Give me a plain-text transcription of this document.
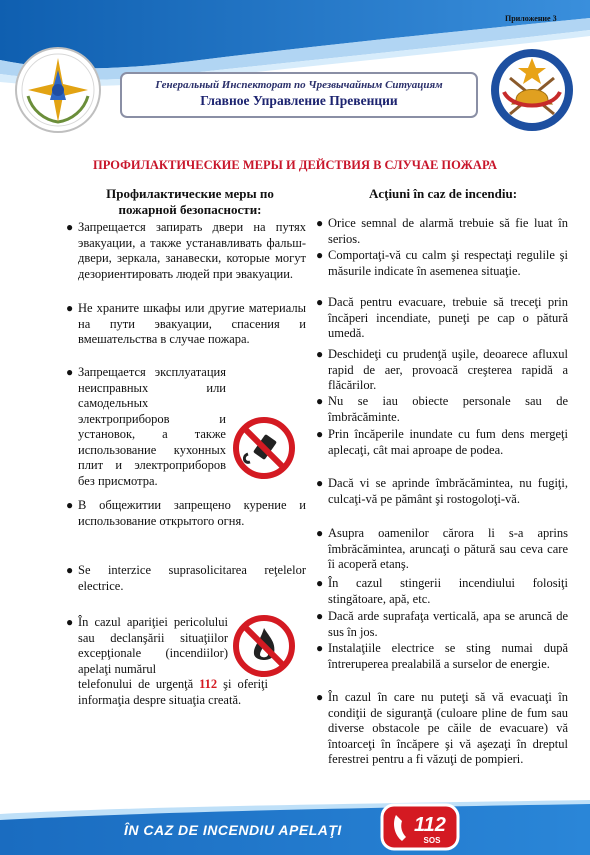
Приложение 3
Генеральный Инспекторат по Чрезвычайным Ситуациям
Главное Управление Превенции
ПРОФИЛАКТИЧЕСКИЕ МЕРЫ И ДЕЙСТВИЯ В СЛУЧАЕ ПОЖАРА
Профилактические меры по
пожарной безопасности:
● Запрещается запирать двери на путях эвакуации, а также устанавливать фальш-двери, зеркала, занавески, которые могут дезориентировать людей при эвакуации.
● Не храните шкафы или другие материалы на пути эвакуации, спасения и вмешательства в случае пожара.
● Запрещается эксплуатация неисправных или самодельных электроприборов и установок, а также использование кухонных плит и электроприборов без присмотра.
● В общежитии запрещено курение и использование открытого огня.
● Se interzice suprasolicitarea reţelelor electrice.
● În cazul apariţiei pericolului sau declanşării situaţiilor excepţionale (incendiilor) apelaţi numărul
telefonului de urgenţă 112 şi oferiţi informaţia despre situaţia creată.
Acţiuni în caz de incendiu:
● Orice semnal de alarmă trebuie să fie luat în serios.
● Comportaţi-vă cu calm şi respectaţi regulile şi măsurile indicate în asemenea situaţie.
● Dacă pentru evacuare, trebuie să treceţi prin încăperi incendiate, puneţi pe cap o pătură umedă.
● Deschideţi cu prudenţă uşile, deoarece afluxul rapid de aer, provoacă creşterea rapidă a flăcărilor.
● Nu se iau obiecte personale sau de îmbrăcăminte.
● Prin încăperile inundate cu fum dens mergeţi aplecaţi, cât mai aproape de podea.
● Dacă vi se aprinde îmbrăcămintea, nu fugiţi, culcaţi-vă pe pământ şi rostogoloţi-vă.
● Asupra oamenilor cărora li s-a aprins îmbrăcămintea, aruncaţi o pătură sau ceva care îi acoperă etanş.
● În cazul stingerii incendiului folosiţi stingătoare, apă, etc.
● Dacă arde suprafaţa verticală, apa se aruncă de sus în jos.
● Instalaţiile electrice se sting numai după întreruperea prealabilă a surselor de energie.
● În cazul în care nu puteţi să vă evacuaţi în condiţii de siguranţă (culoare pline de fum sau diverse obstacole pe căile de evacuare) vă întoarceţi în încăpere şi vă aşezaţi în dreptul ferestrei pentru a fi văzuţi de pompieri.
ÎN CAZ DE INCENDIU APELAŢI	112
SOS
